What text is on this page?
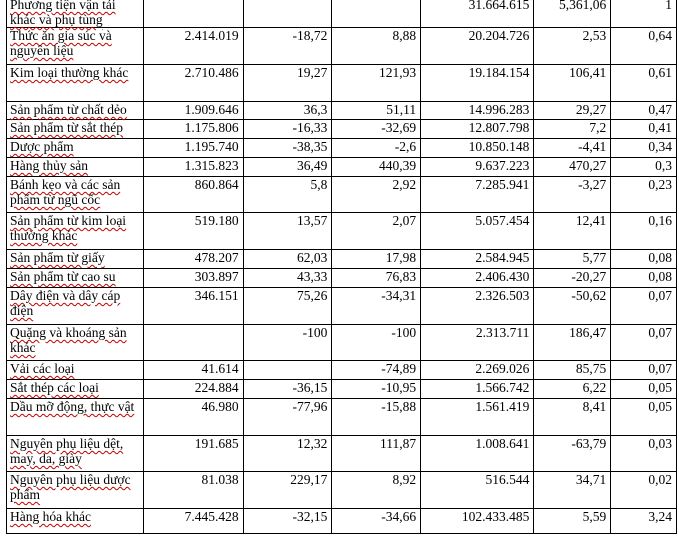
Phương tiện vận tải khác và phụ tùng				31.664.615	5,361,06	1
Thức ăn gia súc và nguyên liệu	2.414.019	-18,72	8,88	20.204.726	2,53	0,64
Kim loại thường khác	2.710.486	19,27	121,93	19.184.154	106,41	0,61
Sản phẩm từ chất dẻo	1.909.646	36,3	51,11	14.996.283	29,27	0,47
Sản phẩm từ sắt thép	1.175.806	-16,33	-32,69	12.807.798	7,2	0,41
Dược phẩm	1.195.740	-38,35	-2,6	10.850.148	-4,41	0,34
Hàng thủy sản	1.315.823	36,49	440,39	9.637.223	470,27	0,3
Bánh kẹo và các sản phẩm từ ngũ cốc	860.864	5,8	2,92	7.285.941	-3,27	0,23
Sản phẩm từ kim loại thường khác	519.180	13,57	2,07	5.057.454	12,41	0,16
Sản phẩm từ giấy	478.207	62,03	17,98	2.584.945	5,77	0,08
Sản phẩm từ cao su	303.897	43,33	76,83	2.406.430	-20,27	0,08
Dây điện và dây cáp điện	346.151	75,26	-34,31	2.326.503	-50,62	0,07
Quặng và khoáng sản khác		-100	-100	2.313.711	186,47	0,07
Vải các loại	41.614		-74,89	2.269.026	85,75	0,07
Sắt thép các loại	224.884	-36,15	-10,95	1.566.742	6,22	0,05
Dầu mỡ động, thực vật	46.980	-77,96	-15,88	1.561.419	8,41	0,05
Nguyên phụ liệu dệt, may, da, giày	191.685	12,32	111,87	1.008.641	-63,79	0,03
Nguyên phụ liệu dược phẩm	81.038	229,17	8,92	516.544	34,71	0,02
Hàng hóa khác	7.445.428	-32,15	-34,66	102.433.485	5,59	3,24
